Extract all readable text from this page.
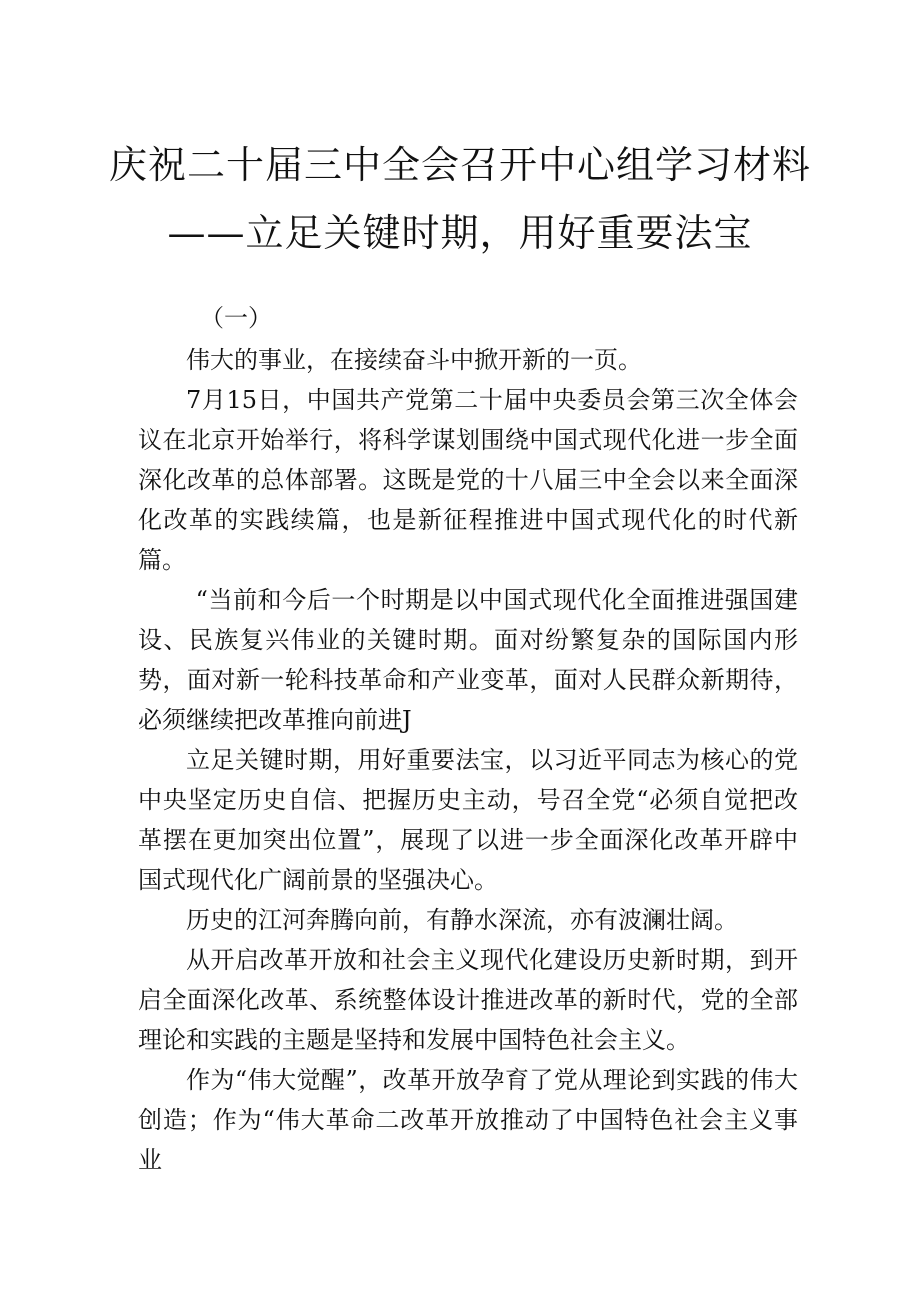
庆祝二十届三中全会召开中心组学习材料
——立足关键时期，用好重要法宝
（一）

伟大的事业，在接续奋斗中掀开新的一页。

7月15日，中国共产党第二十届中央委员会第三次全体会议在北京开始举行，将科学谋划围绕中国式现代化进一步全面深化改革的总体部署。这既是党的十八届三中全会以来全面深化改革的实践续篇，也是新征程推进中国式现代化的时代新篇。

“当前和今后一个时期是以中国式现代化全面推进强国建设、民族复兴伟业的关键时期。面对纷繁复杂的国际国内形势，面对新一轮科技革命和产业变革，面对人民群众新期待，必须继续把改革推向前进J

立足关键时期，用好重要法宝，以习近平同志为核心的党中央坚定历史自信、把握历史主动，号召全党“必须自觉把改革摆在更加突出位置”，展现了以进一步全面深化改革开辟中国式现代化广阔前景的坚强决心。

历史的江河奔腾向前，有静水深流，亦有波澜壮阔。

从开启改革开放和社会主义现代化建设历史新时期，到开启全面深化改革、系统整体设计推进改革的新时代，党的全部理论和实践的主题是坚持和发展中国特色社会主义。

作为“伟大觉醒”，改革开放孕育了党从理论到实践的伟大创造；作为“伟大革命二改革开放推动了中国特色社会主义事业
